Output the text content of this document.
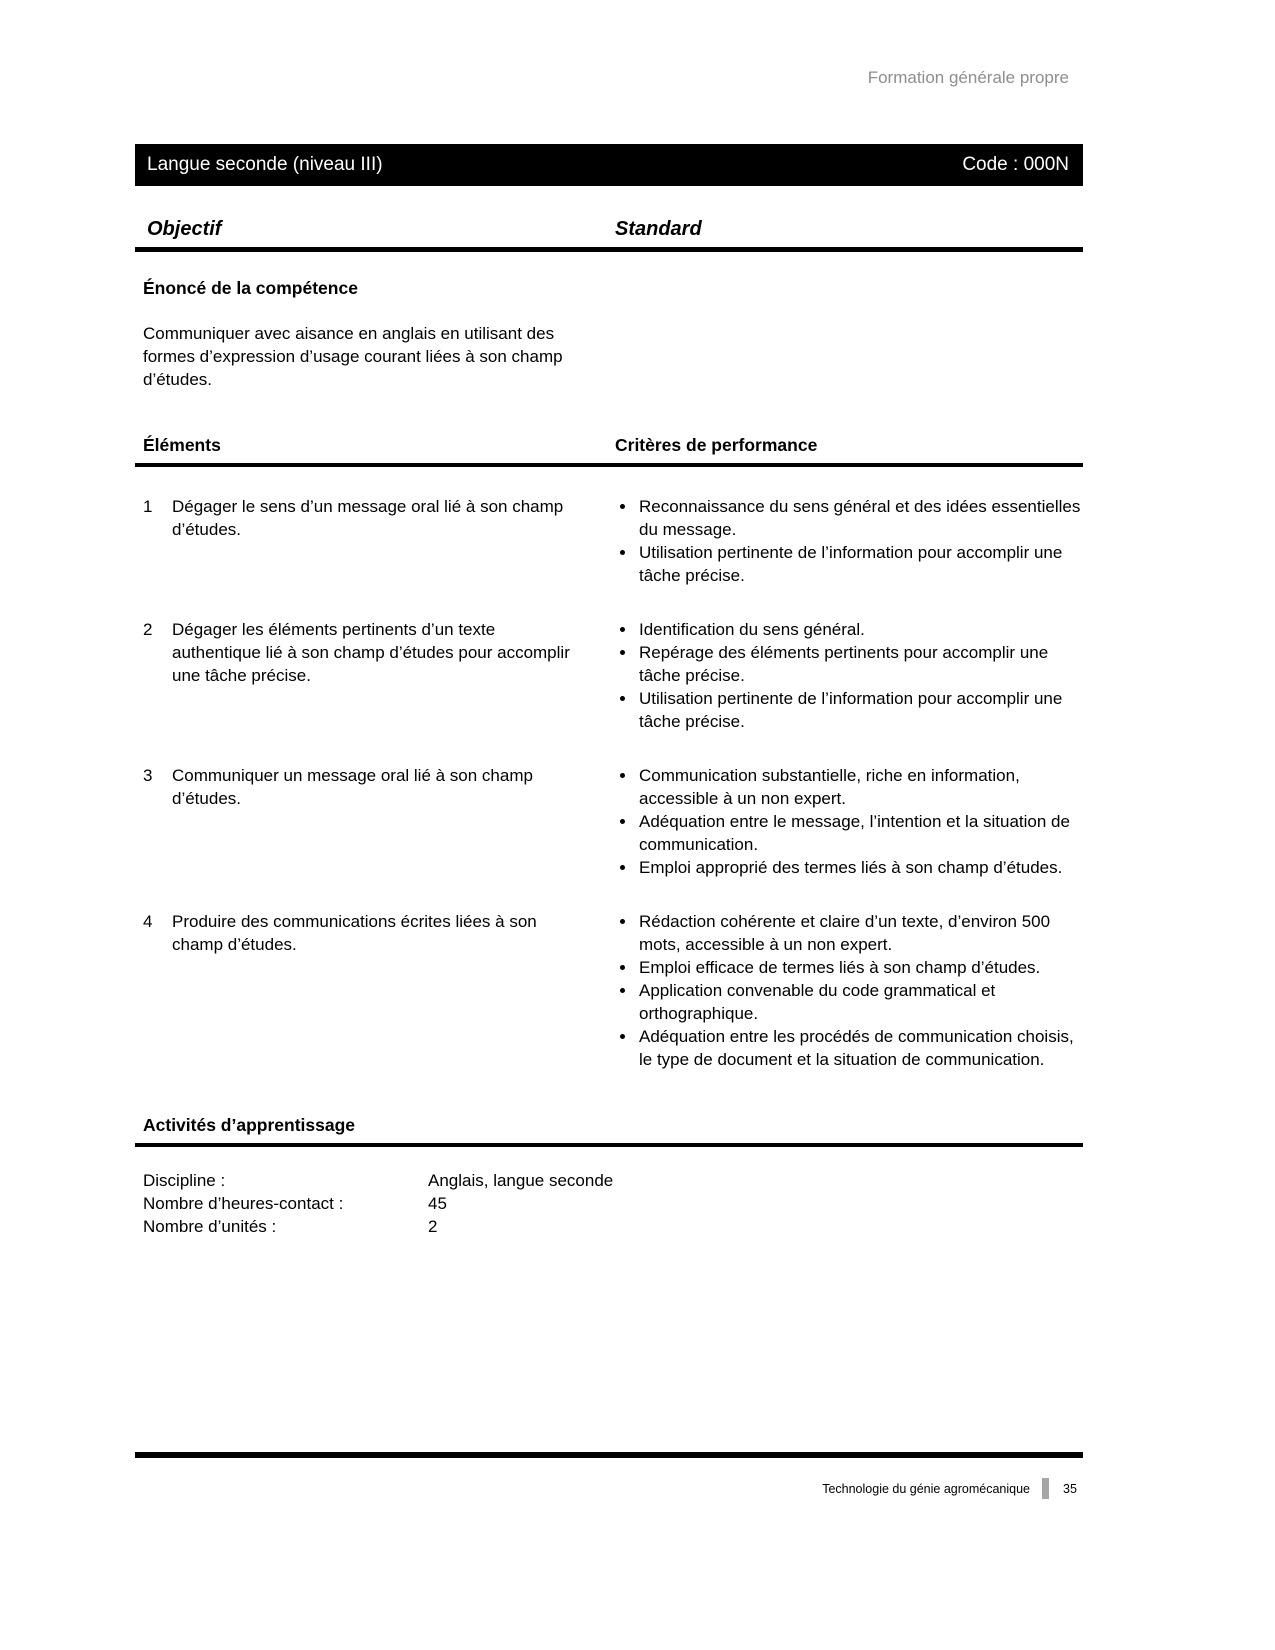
Formation générale propre
Langue seconde (niveau III)	Code : 000N
Objectif	Standard
Énoncé de la compétence
Communiquer avec aisance en anglais en utilisant des formes d’expression d’usage courant liées à son champ d’études.
Éléments	Critères de performance
1	Dégager le sens d’un message oral lié à son champ d’études.
• Reconnaissance du sens général et des idées essentielles du message.
• Utilisation pertinente de l’information pour accomplir une tâche précise.
2	Dégager les éléments pertinents d’un texte authentique lié à son champ d’études pour accomplir une tâche précise.
• Identification du sens général.
• Repérage des éléments pertinents pour accomplir une tâche précise.
• Utilisation pertinente de l’information pour accomplir une tâche précise.
3	Communiquer un message oral lié à son champ d’études.
• Communication substantielle, riche en information, accessible à un non expert.
• Adéquation entre le message, l’intention et la situation de communication.
• Emploi approprié des termes liés à son champ d’études.
4	Produire des communications écrites liées à son champ d’études.
• Rédaction cohérente et claire d’un texte, d’environ 500 mots, accessible à un non expert.
• Emploi efficace de termes liés à son champ d’études.
• Application convenable du code grammatical et orthographique.
• Adéquation entre les procédés de communication choisis, le type de document et la situation de communication.
Activités d’apprentissage
Discipline :	Anglais, langue seconde
Nombre d’heures-contact :	45
Nombre d’unités :	2
Technologie du génie agromécanique	35
